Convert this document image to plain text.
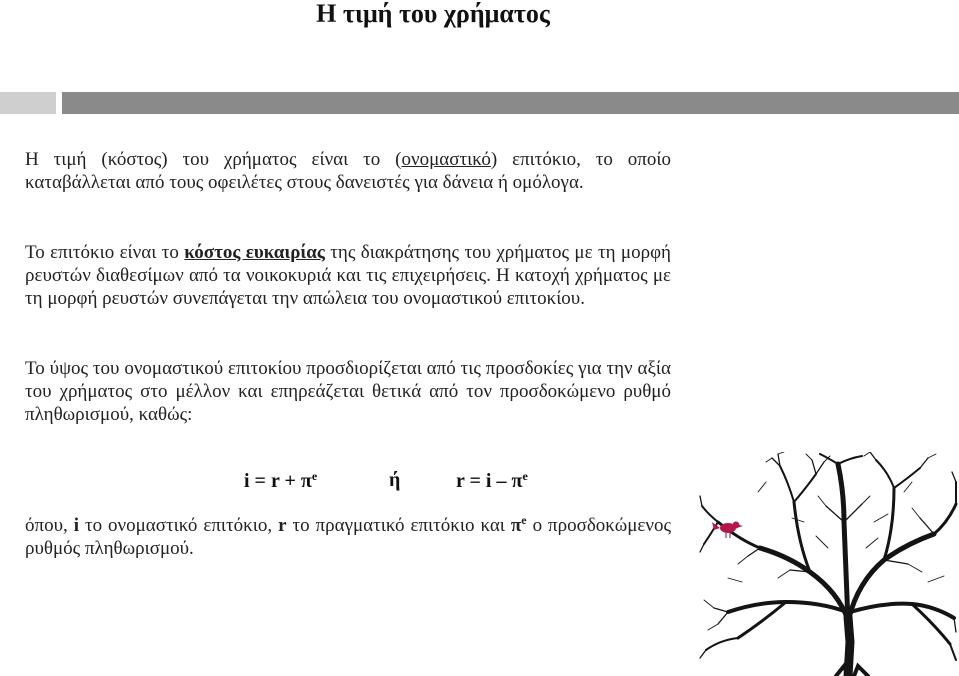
Η τιμή του χρήματος

Η τιμή (κόστος) του χρήματος είναι το (ονομαστικό) επιτόκιο, το οποίο καταβάλλεται από τους οφειλέτες στους δανειστές για δάνεια ή ομόλογα.

Το επιτόκιο είναι το κόστος ευκαιρίας της διακράτησης του χρήματος με τη μορφή ρευστών διαθεσίμων από τα νοικοκυριά και τις επιχειρήσεις. Η κατοχή χρήματος με τη μορφή ρευστών συνεπάγεται την απώλεια του ονομαστικού επιτοκίου.

Το ύψος του ονομαστικού επιτοκίου προσδιορίζεται από τις προσδοκίες για την αξία του χρήματος στο μέλλον και επηρεάζεται θετικά από τον προσδοκώμενο ρυθμό πληθωρισμού, καθώς:

$i = r + \pi^e$	ή	$r = i - \pi^e$

όπου, i το ονομαστικό επιτόκιο, r το πραγματικό επιτόκιο και $\pi^e$ ο προσδοκώμενος ρυθμός πληθωρισμού.
